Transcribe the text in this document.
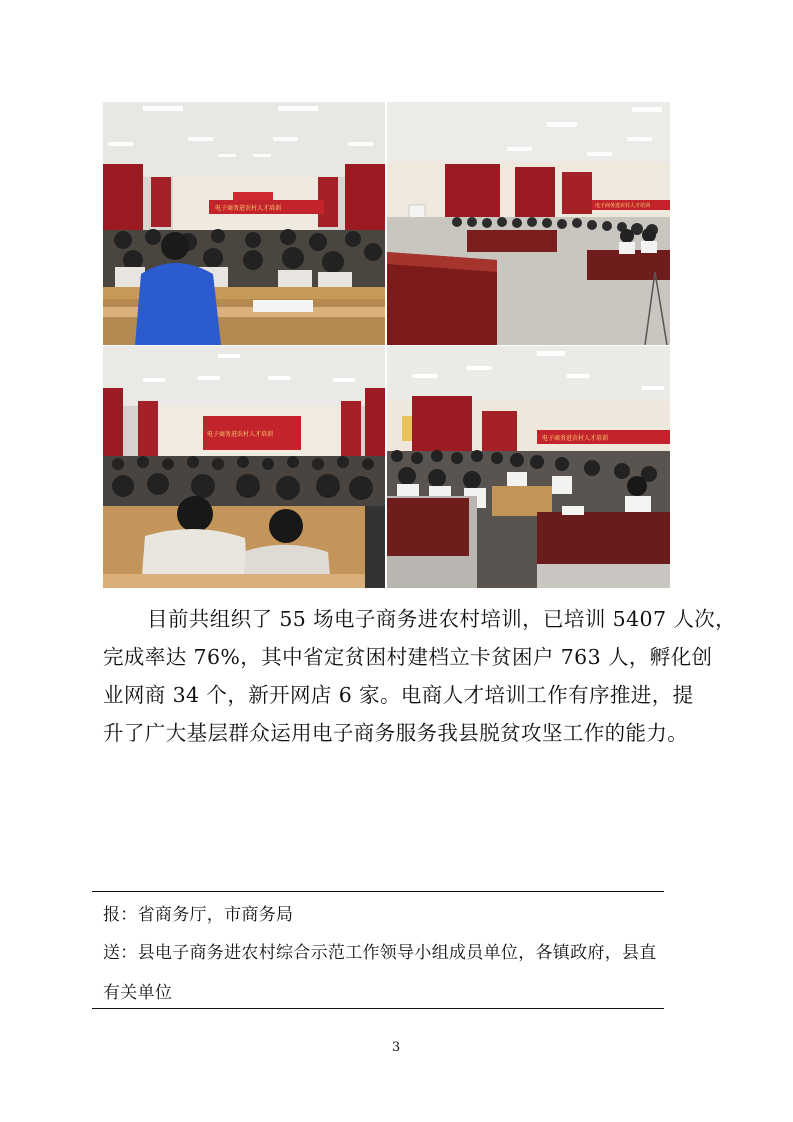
电子商务进农村人才培训	电子商务进农村人才培训
电子商务进农村人才培训
电子商务进农村人才培训

目前共组织了 55 场电子商务进农村培训，已培训 5407 人次，

完成率达 76%，其中省定贫困村建档立卡贫困户 763 人，孵化创

业网商 34 个，新开网店 6 家。电商人才培训工作有序推进，提

升了广大基层群众运用电子商务服务我县脱贫攻坚工作的能力。

报：省商务厅，市商务局
送：县电子商务进农村综合示范工作领导小组成员单位，各镇政府，县直
有关单位
3
